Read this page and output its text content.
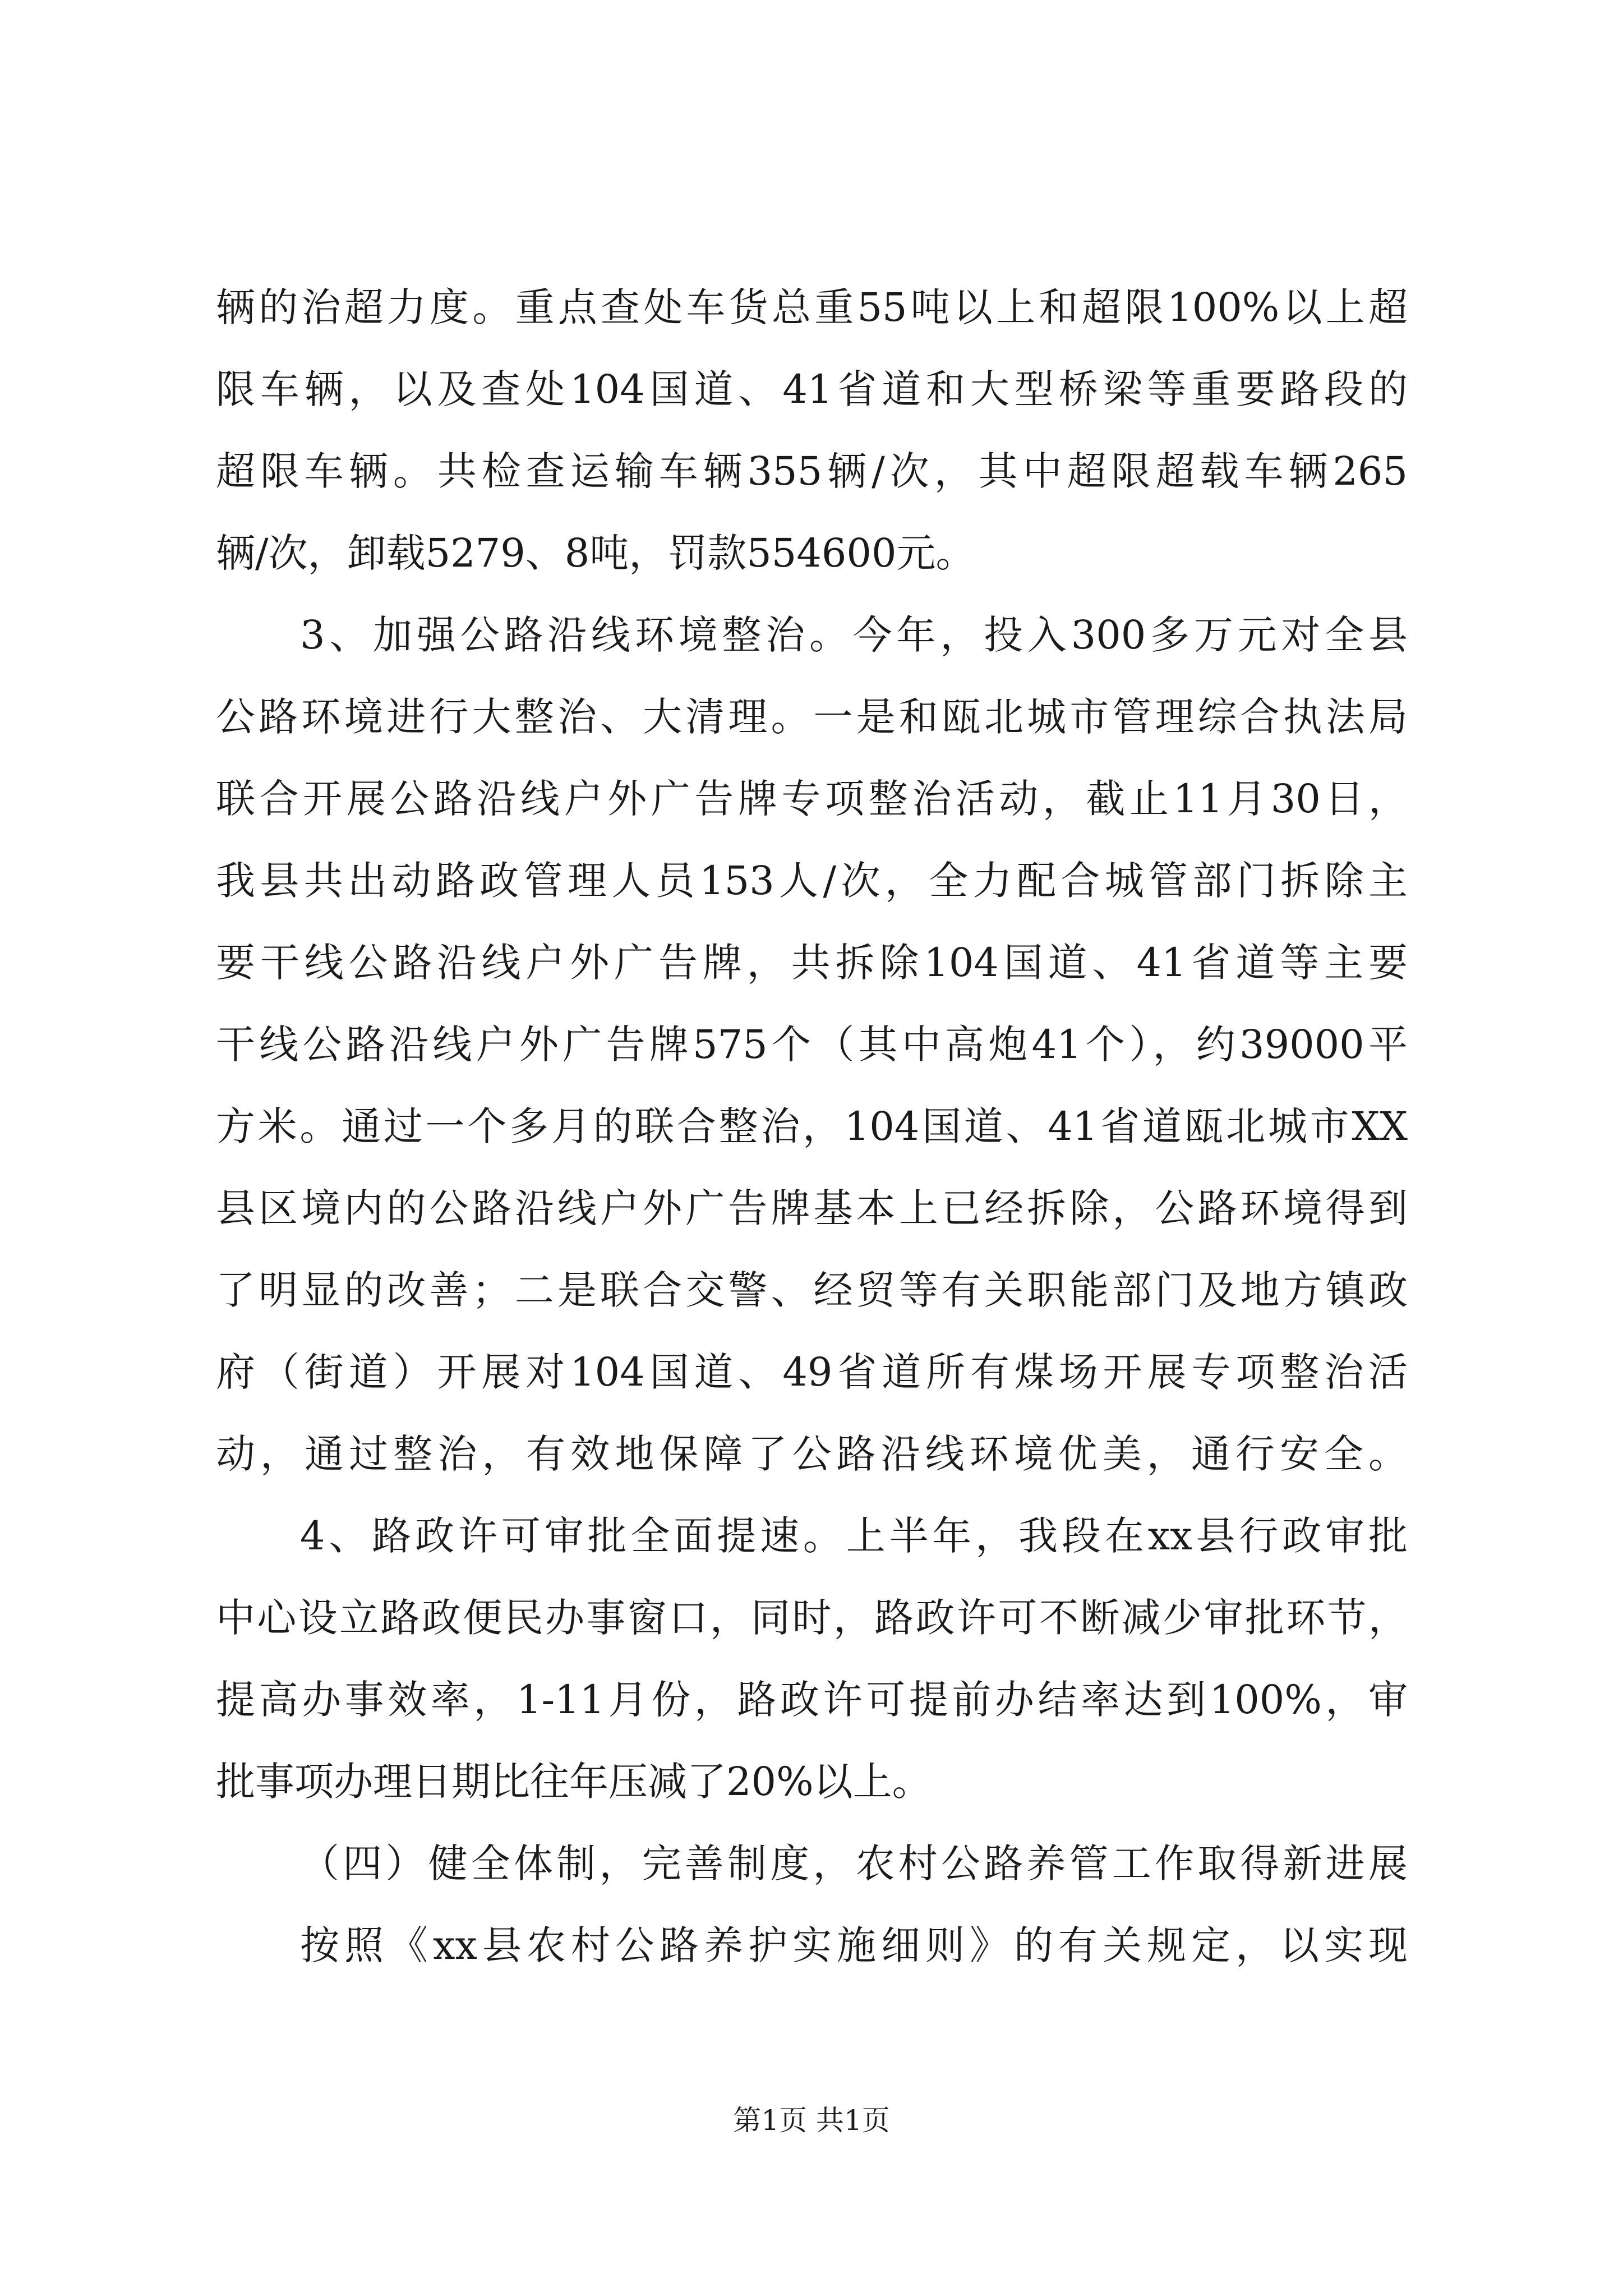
辆的治超力度。重点查处车货总重55吨以上和超限100%以上超
限车辆，以及查处104国道、41省道和大型桥梁等重要路段的
超限车辆。共检查运输车辆355辆/次，其中超限超载车辆265
辆/次，卸载5279、8吨，罚款554600元。
3、加强公路沿线环境整治。今年，投入300多万元对全县
公路环境进行大整治、大清理。一是和瓯北城市管理综合执法局
联合开展公路沿线户外广告牌专项整治活动，截止11月30日，
我县共出动路政管理人员153人/次，全力配合城管部门拆除主
要干线公路沿线户外广告牌，共拆除104国道、41省道等主要
干线公路沿线户外广告牌575个（其中高炮41个），约39000平
方米。通过一个多月的联合整治，104国道、41省道瓯北城市XX
县区境内的公路沿线户外广告牌基本上已经拆除，公路环境得到
了明显的改善；二是联合交警、经贸等有关职能部门及地方镇政
府（街道）开展对104国道、49省道所有煤场开展专项整治活
动，通过整治，有效地保障了公路沿线环境优美，通行安全。
4、路政许可审批全面提速。上半年，我段在xx县行政审批
中心设立路政便民办事窗口，同时，路政许可不断减少审批环节，
提高办事效率，1-11月份，路政许可提前办结率达到100%，审
批事项办理日期比往年压减了20%以上。
（四）健全体制，完善制度，农村公路养管工作取得新进展
按照《xx县农村公路养护实施细则》的有关规定，以实现
第1页 共1页
